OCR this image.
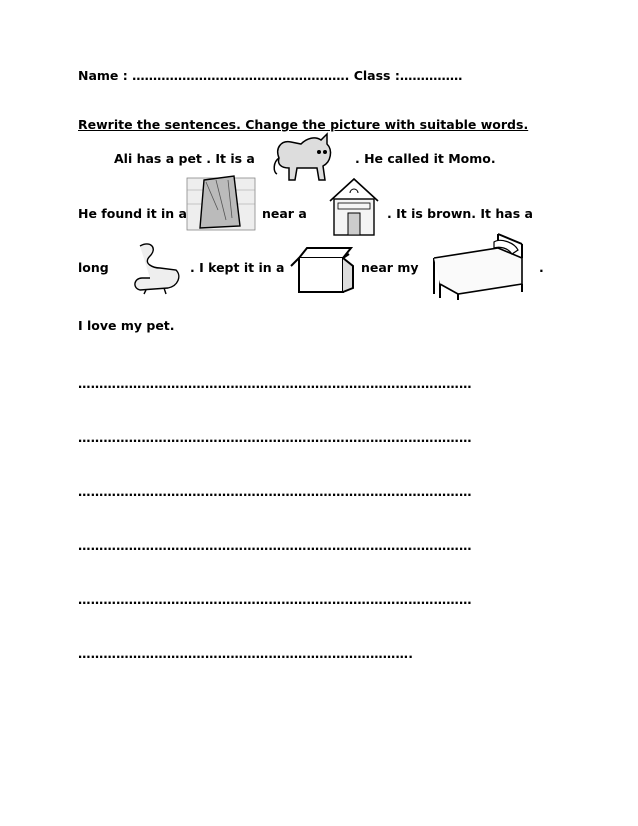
Name : ……………………………………………. Class :……………
Rewrite the sentences. Change the picture with suitable words.
Ali has a pet . It is a	. He called it Momo.
He found it in a	near a	. It is brown. It has a
long	. I kept it in a	near my	.
I love my pet.
…………………………………………………………………………………
…………………………………………………………………………………
…………………………………………………………………………………
…………………………………………………………………………………
…………………………………………………………………………………
…………………………………………………………………….
